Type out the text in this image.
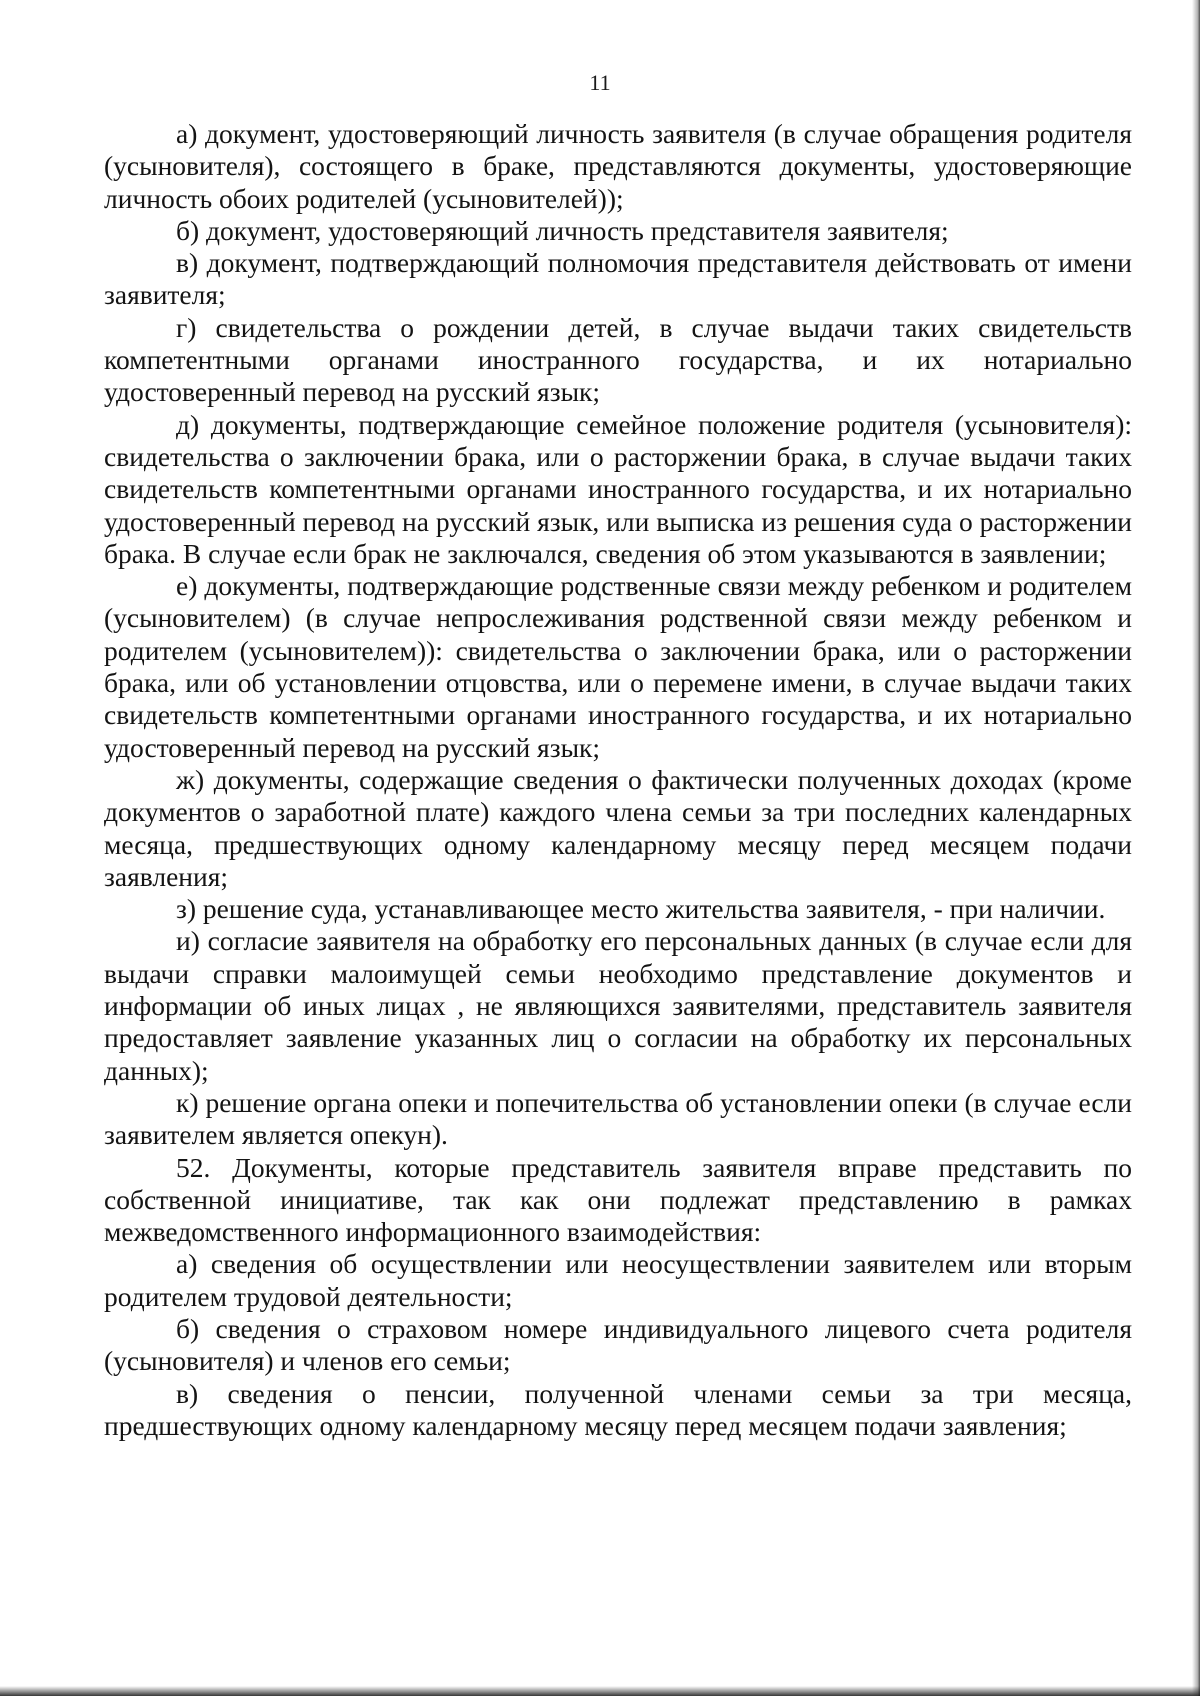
11

а) документ, удостоверяющий личность заявителя (в случае обращения родителя (усыновителя), состоящего в браке, представляются документы, удостоверяющие личность обоих родителей (усыновителей));

б) документ, удостоверяющий личность представителя заявителя;

в) документ, подтверждающий полномочия представителя действовать от имени заявителя;

г) свидетельства о рождении детей, в случае выдачи таких свидетельств компетентными органами иностранного государства, и их нотариально удостоверенный перевод на русский язык;

д) документы, подтверждающие семейное положение родителя (усыновителя): свидетельства о заключении брака, или о расторжении брака, в случае выдачи таких свидетельств компетентными органами иностранного государства, и их нотариально удостоверенный перевод на русский язык, или выписка из решения суда о расторжении брака. В случае если брак не заключался, сведения об этом указываются в заявлении;

е) документы, подтверждающие родственные связи между ребенком и родителем (усыновителем) (в случае непрослеживания родственной связи между ребенком и родителем (усыновителем)): свидетельства о заключении брака, или о расторжении брака, или об установлении отцовства, или о перемене имени, в случае выдачи таких свидетельств компетентными органами иностранного государства, и их нотариально удостоверенный перевод на русский язык;

ж) документы, содержащие сведения о фактически полученных доходах (кроме документов о заработной плате) каждого члена семьи за три последних календарных месяца, предшествующих одному календарному месяцу перед месяцем подачи заявления;

з) решение суда, устанавливающее место жительства заявителя, - при наличии.

и) согласие заявителя на обработку его персональных данных (в случае если для выдачи справки малоимущей семьи необходимо представление документов и информации об иных лицах , не являющихся заявителями, представитель заявителя предоставляет заявление указанных лиц о согласии на обработку их персональных данных);

к) решение органа опеки и попечительства об установлении опеки (в случае если заявителем является опекун).

52. Документы, которые представитель заявителя вправе представить по собственной инициативе, так как они подлежат представлению в рамках межведомственного информационного взаимодействия:

а) сведения об осуществлении или неосуществлении заявителем или вторым родителем трудовой деятельности;

б) сведения о страховом номере индивидуального лицевого счета родителя (усыновителя) и членов его семьи;

в) сведения о пенсии, полученной членами семьи за три месяца, предшествующих одному календарному месяцу перед месяцем подачи заявления;
